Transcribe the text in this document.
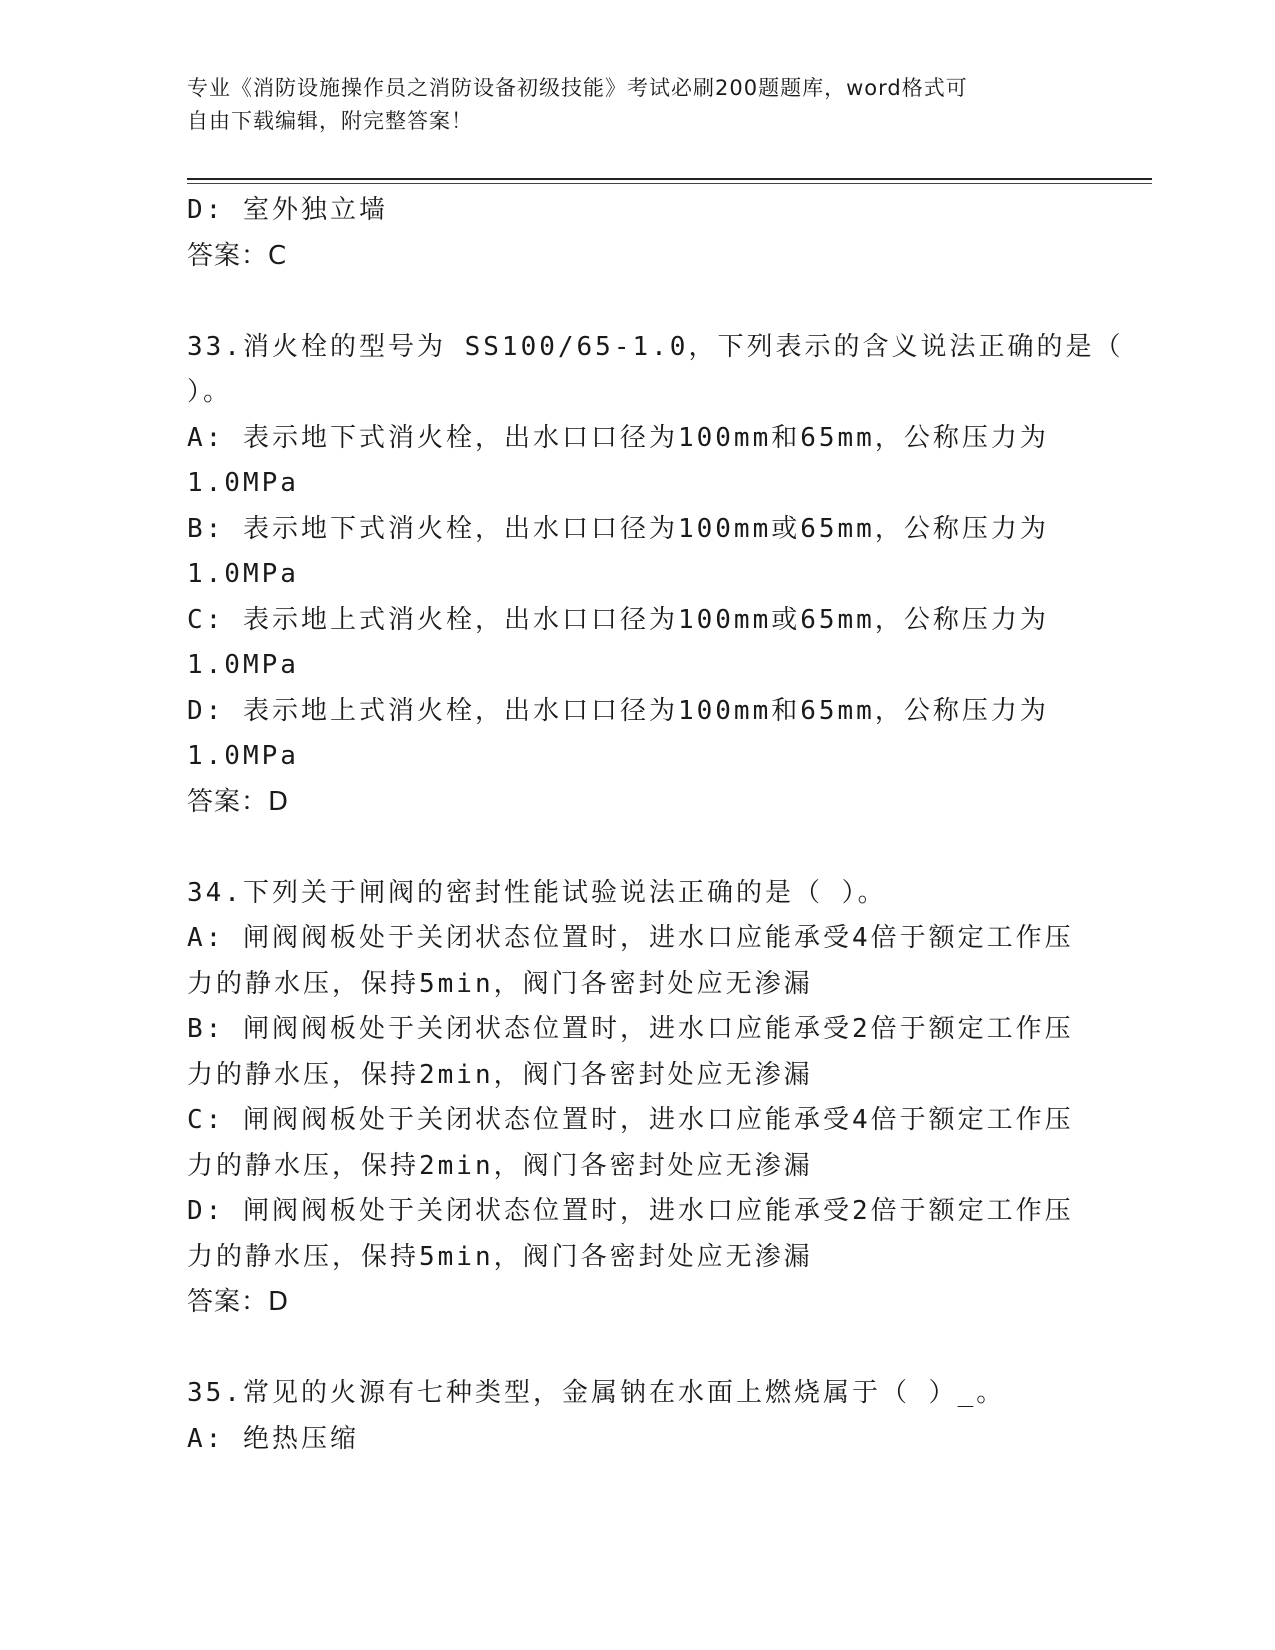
专业《消防设施操作员之消防设备初级技能》考试必刷200题题库，word格式可
自由下载编辑，附完整答案！
D: 室外独立墙
答案：C
33.消火栓的型号为 SS100/65-1.0，下列表示的含义说法正确的是（
）。
A: 表示地下式消火栓，出水口口径为100mm和65mm，公称压力为
1.0MPa
B: 表示地下式消火栓，出水口口径为100mm或65mm，公称压力为
1.0MPa
C: 表示地上式消火栓，出水口口径为100mm或65mm，公称压力为
1.0MPa
D: 表示地上式消火栓，出水口口径为100mm和65mm，公称压力为
1.0MPa
答案：D
34.下列关于闸阀的密封性能试验说法正确的是（ ）。
A: 闸阀阀板处于关闭状态位置时，进水口应能承受4倍于额定工作压
力的静水压，保持5min，阀门各密封处应无渗漏
B: 闸阀阀板处于关闭状态位置时，进水口应能承受2倍于额定工作压
力的静水压，保持2min，阀门各密封处应无渗漏
C: 闸阀阀板处于关闭状态位置时，进水口应能承受4倍于额定工作压
力的静水压，保持2min，阀门各密封处应无渗漏
D: 闸阀阀板处于关闭状态位置时，进水口应能承受2倍于额定工作压
力的静水压，保持5min，阀门各密封处应无渗漏
答案：D
35.常见的火源有七种类型，金属钠在水面上燃烧属于（ ）_。
A: 绝热压缩
